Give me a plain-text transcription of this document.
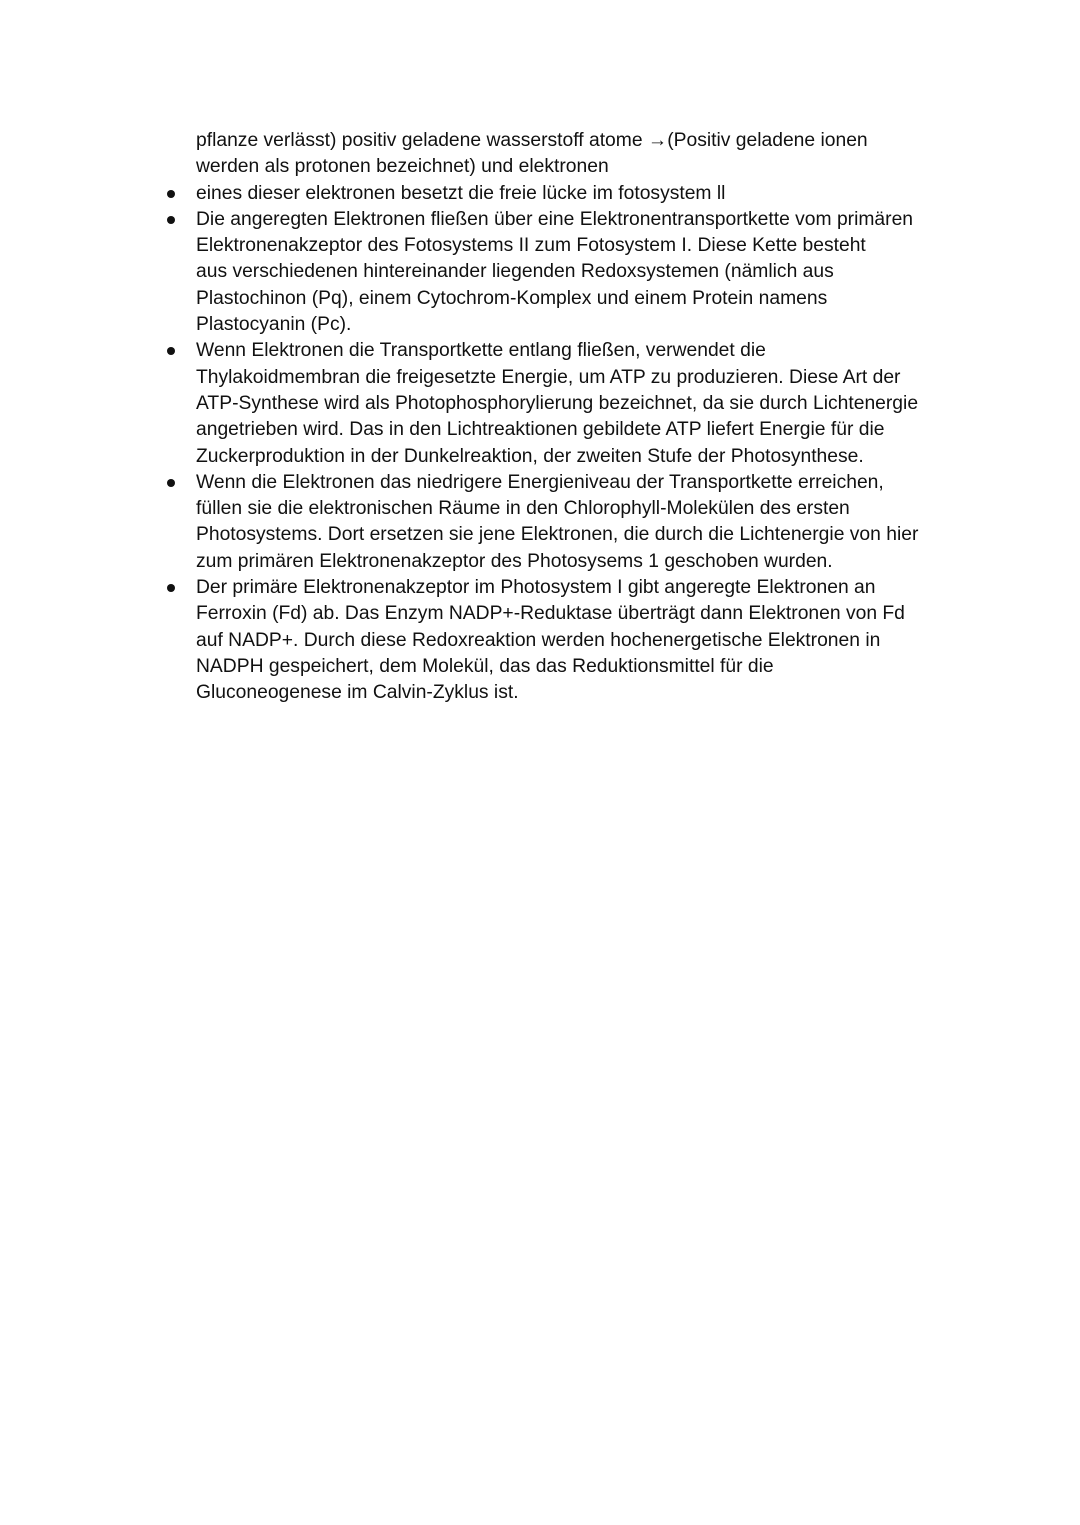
pflanze verlässt) positiv geladene wasserstoff atome →(Positiv geladene ionen
werden als protonen bezeichnet) und elektronen
eines dieser elektronen besetzt die freie lücke im fotosystem ll
Die angeregten Elektronen fließen über eine Elektronentransportkette vom primären
Elektronenakzeptor des Fotosystems II zum Fotosystem I. Diese Kette besteht
aus verschiedenen hintereinander liegenden Redoxsystemen (nämlich aus
Plastochinon (Pq), einem Cytochrom-Komplex und einem Protein namens
Plastocyanin (Pc).
Wenn Elektronen die Transportkette entlang fließen, verwendet die
Thylakoidmembran die freigesetzte Energie, um ATP zu produzieren. Diese Art der
ATP-Synthese wird als Photophosphorylierung bezeichnet, da sie durch Lichtenergie
angetrieben wird. Das in den Lichtreaktionen gebildete ATP liefert Energie für die
Zuckerproduktion in der Dunkelreaktion, der zweiten Stufe der Photosynthese.
Wenn die Elektronen das niedrigere Energieniveau der Transportkette erreichen,
füllen sie die elektronischen Räume in den Chlorophyll-Molekülen des ersten
Photosystems. Dort ersetzen sie jene Elektronen, die durch die Lichtenergie von hier
zum primären Elektronenakzeptor des Photosysems 1 geschoben wurden.
Der primäre Elektronenakzeptor im Photosystem I gibt angeregte Elektronen an
Ferroxin (Fd) ab. Das Enzym NADP+-Reduktase überträgt dann Elektronen von Fd
auf NADP+. Durch diese Redoxreaktion werden hochenergetische Elektronen in
NADPH gespeichert, dem Molekül, das das Reduktionsmittel für die
Gluconeogenese im Calvin-Zyklus ist.
